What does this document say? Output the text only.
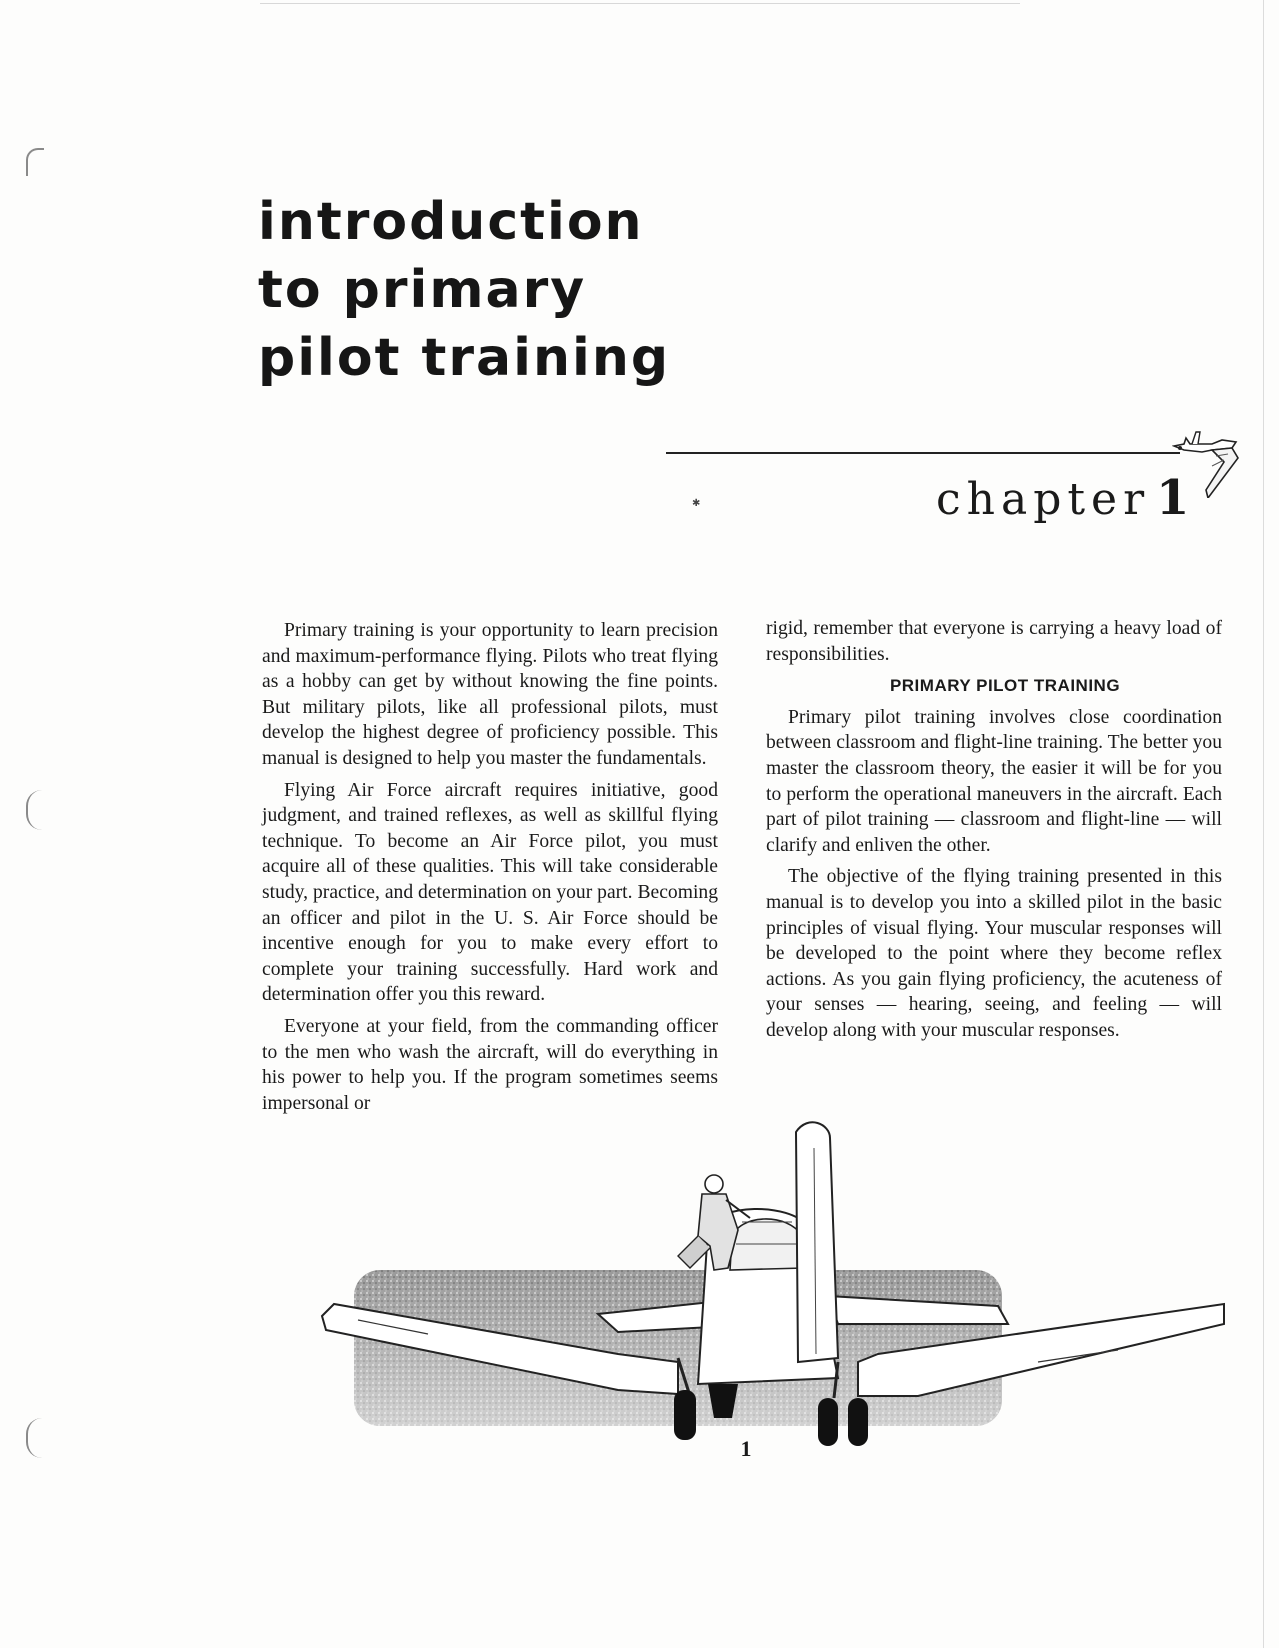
introduction
to primary
pilot training
✱	chapter 1

Primary training is your opportunity to learn precision and maximum-performance flying. Pilots who treat flying as a hobby can get by without knowing the fine points. But military pilots, like all professional pilots, must develop the highest degree of proficiency possible. This manual is designed to help you master the fundamentals.

Flying Air Force aircraft requires initiative, good judgment, and trained reflexes, as well as skillful flying technique. To become an Air Force pilot, you must acquire all of these qualities. This will take considerable study, practice, and determination on your part. Becoming an officer and pilot in the U. S. Air Force should be incentive enough for you to make every effort to complete your training successfully. Hard work and determination offer you this reward.

Everyone at your field, from the commanding officer to the men who wash the aircraft, will do everything in his power to help you. If the program sometimes seems impersonal or

rigid, remember that everyone is carrying a heavy load of responsibilities.

PRIMARY PILOT TRAINING

Primary pilot training involves close coordination between classroom and flight-line training. The better you master the classroom theory, the easier it will be for you to perform the operational maneuvers in the aircraft. Each part of pilot training — classroom and flight-line — will clarify and enliven the other.

The objective of the flying training presented in this manual is to develop you into a skilled pilot in the basic principles of visual flying. Your muscular responses will be developed to the point where they become reflex actions. As you gain flying proficiency, the acuteness of your senses — hearing, seeing, and feeling — will develop along with your muscular responses.

1
